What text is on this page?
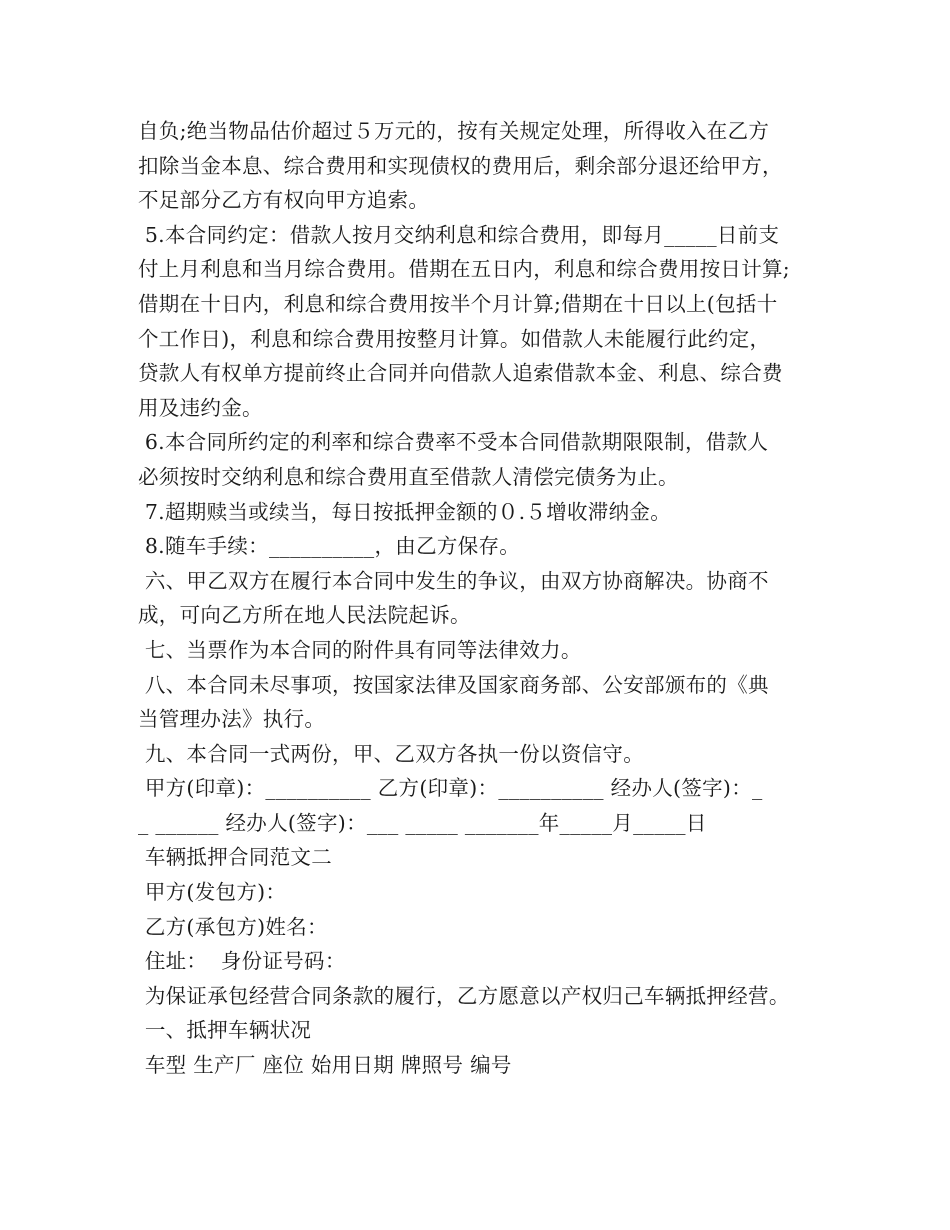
自负;绝当物品估价超过５万元的，按有关规定处理，所得收入在乙方
扣除当金本息、综合费用和实现债权的费用后，剩余部分退还给甲方，
不足部分乙方有权向甲方追索。
5.本合同约定：借款人按月交纳利息和综合费用，即每月_____日前支
付上月利息和当月综合费用。借期在五日内，利息和综合费用按日计算;
借期在十日内，利息和综合费用按半个月计算;借期在十日以上(包括十
个工作日)，利息和综合费用按整月计算。如借款人未能履行此约定，
贷款人有权单方提前终止合同并向借款人追索借款本金、利息、综合费
用及违约金。
6.本合同所约定的利率和综合费率不受本合同借款期限限制，借款人
必须按时交纳利息和综合费用直至借款人清偿完债务为止。
7.超期赎当或续当，每日按抵押金额的０.５增收滞纳金。
8.随车手续：__________，由乙方保存。
六、甲乙双方在履行本合同中发生的争议，由双方协商解决。协商不
成，可向乙方所在地人民法院起诉。
七、当票作为本合同的附件具有同等法律效力。
八、本合同未尽事项，按国家法律及国家商务部、公安部颁布的《典
当管理办法》执行。
九、本合同一式两份，甲、乙双方各执一份以资信守。
甲方(印章)：__________ 乙方(印章)：__________ 经办人(签字)：_
_ ______ 经办人(签字)：___ _____ _______年_____月_____日
车辆抵押合同范文二
甲方(发包方)：
乙方(承包方)姓名：
住址：  身份证号码：
为保证承包经营合同条款的履行，乙方愿意以产权归己车辆抵押经营。
一、抵押车辆状况
车型 生产厂 座位 始用日期 牌照号 编号
